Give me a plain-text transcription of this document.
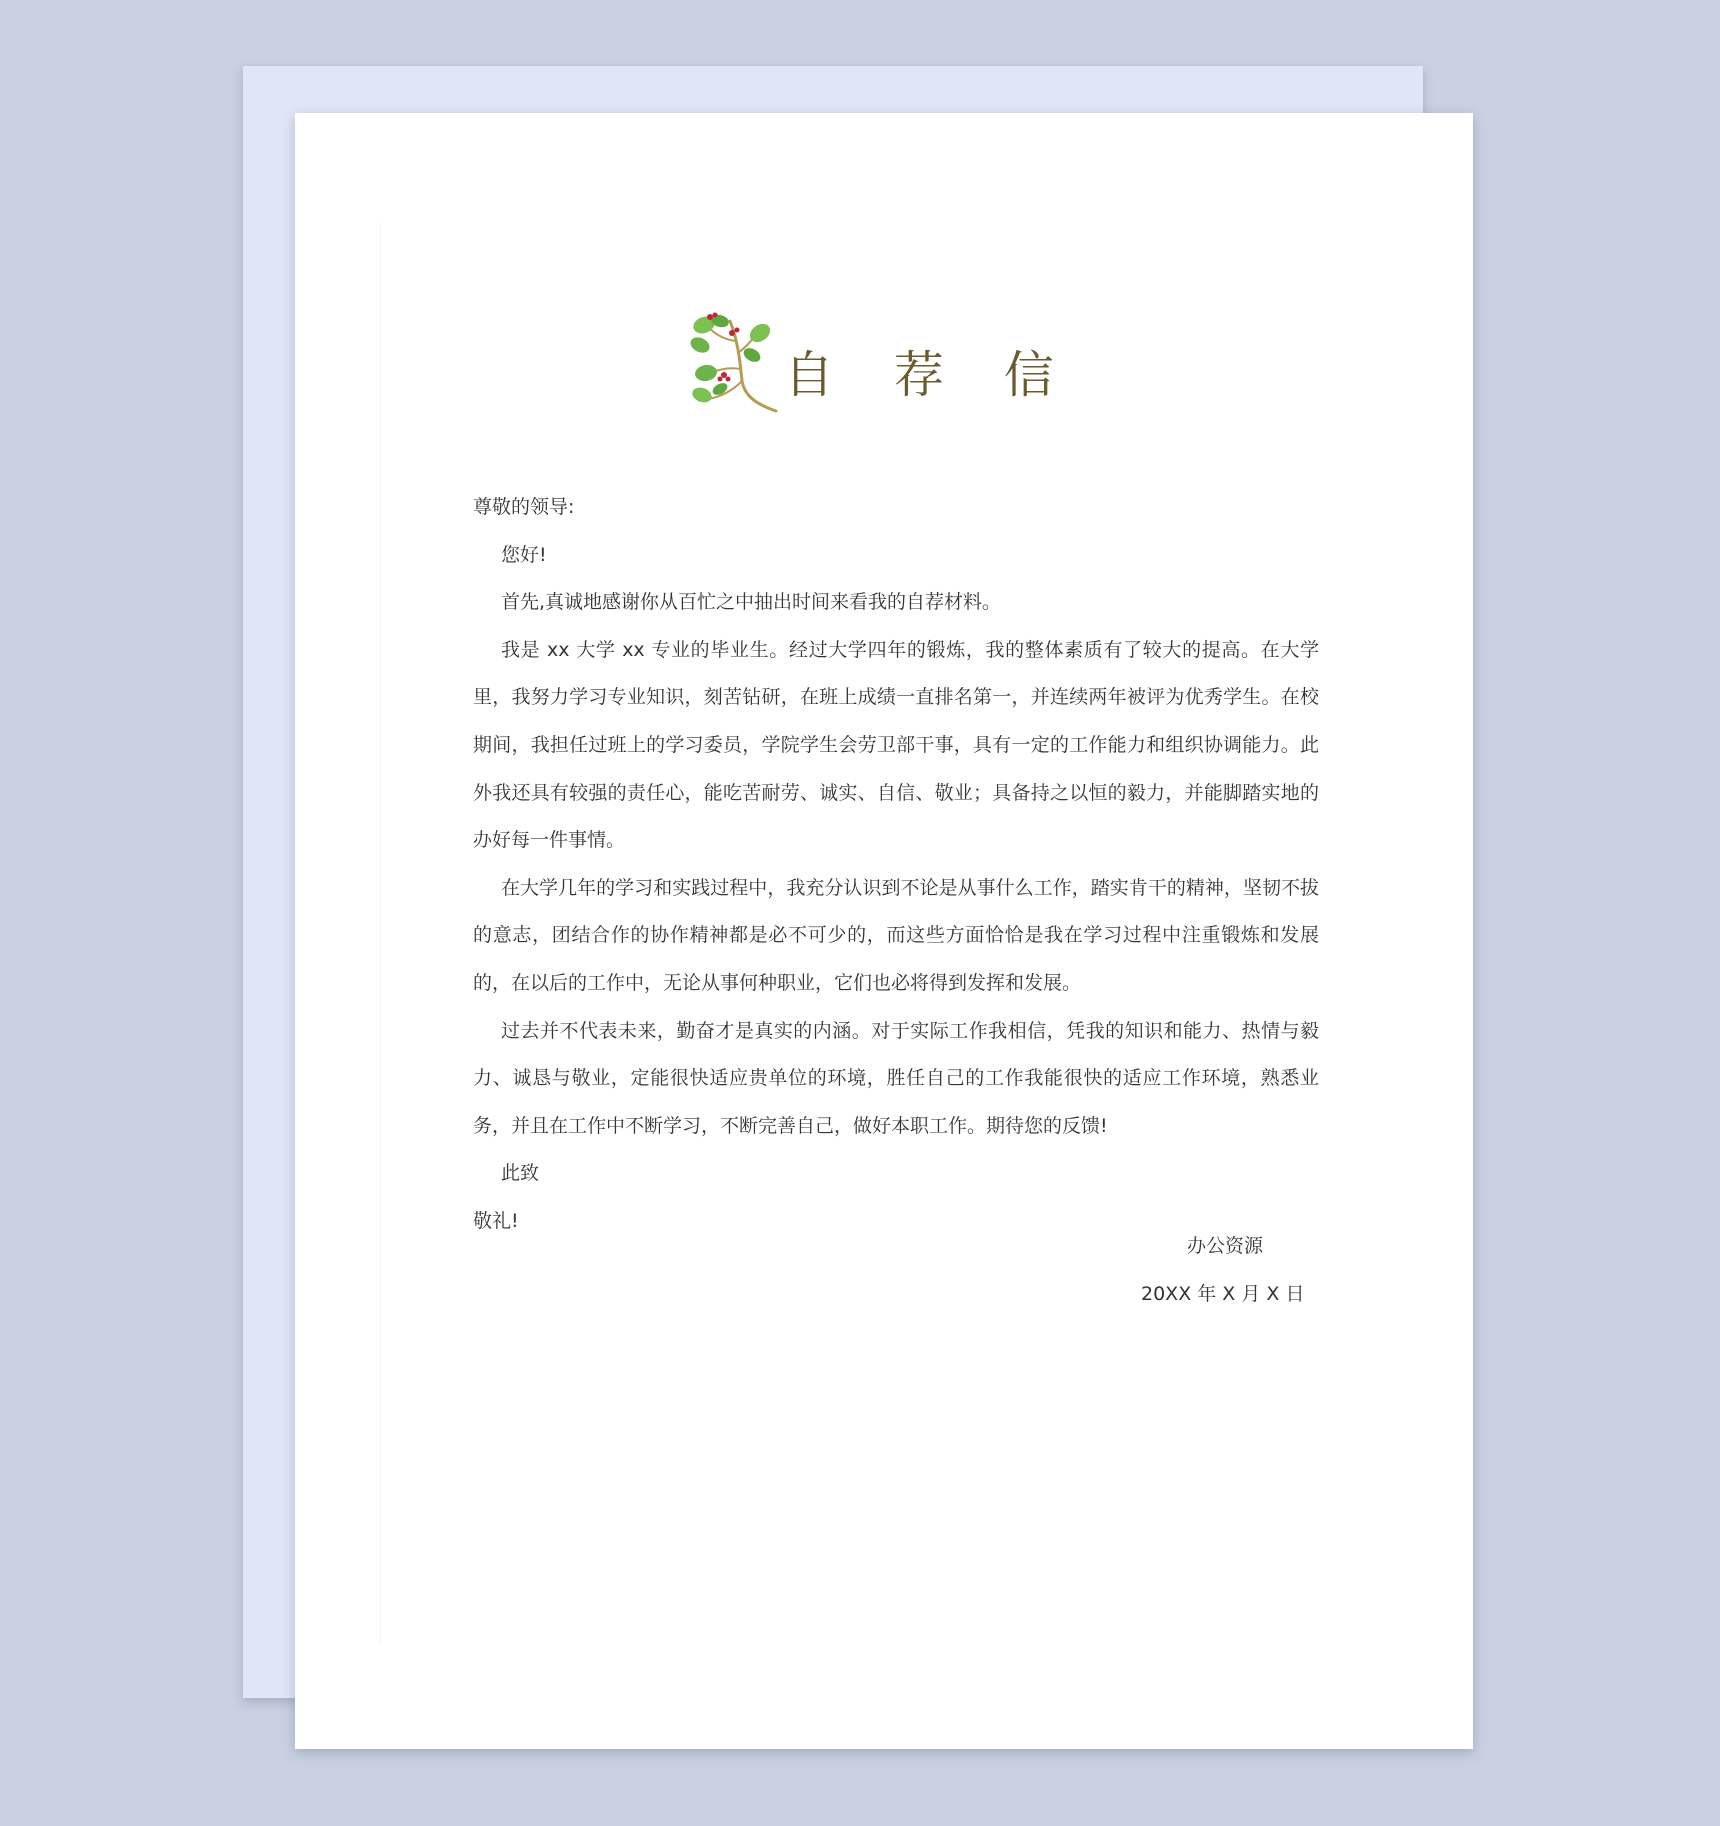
自 荐 信

尊敬的领导:

您好!

首先,真诚地感谢你从百忙之中抽出时间来看我的自荐材料。

我是 xx 大学 xx 专业的毕业生。经过大学四年的锻炼，我的整体素质有了较大的提高。在大学里，我努力学习专业知识，刻苦钻研，在班上成绩一直排名第一，并连续两年被评为优秀学生。在校期间，我担任过班上的学习委员，学院学生会劳卫部干事，具有一定的工作能力和组织协调能力。此外我还具有较强的责任心，能吃苦耐劳、诚实、自信、敬业；具备持之以恒的毅力，并能脚踏实地的办好每一件事情。

在大学几年的学习和实践过程中，我充分认识到不论是从事什么工作，踏实肯干的精神，坚韧不拔的意志，团结合作的协作精神都是必不可少的，而这些方面恰恰是我在学习过程中注重锻炼和发展的，在以后的工作中，无论从事何种职业，它们也必将得到发挥和发展。

过去并不代表未来，勤奋才是真实的内涵。对于实际工作我相信，凭我的知识和能力、热情与毅力、诚恳与敬业，定能很快适应贵单位的环境，胜任自己的工作我能很快的适应工作环境，熟悉业务，并且在工作中不断学习，不断完善自己，做好本职工作。期待您的反馈!

此致

敬礼!

办公资源
20XX 年 X 月 X 日
